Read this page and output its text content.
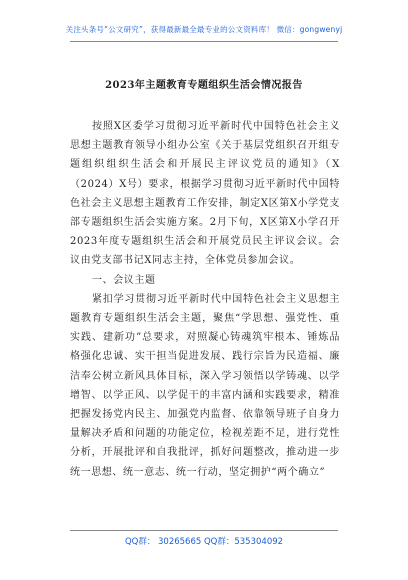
关注头条号“公文研究”，获得最新最全最专业的公文资料库！ 微信：gongwenyj
2023年主题教育专题组织生活会情况报告

按照X区委学习贯彻习近平新时代中国特色社会主义思想主题教育领导小组办公室《关于基层党组织召开组专题组织组织生活会和开展民主评议党员的通知》（X（2024）X号）要求，根据学习贯彻习近平新时代中国特色社会主义思想主题教育工作安排，制定X区第X小学党支部专题组织生活会实施方案。2月下旬，X区第X小学召开2023年度专题组织生活会和开展党员民主评议会议。会议由党支部书记X同志主持，全体党员参加会议。

一、会议主题

紧扣学习贯彻习近平新时代中国特色社会主义思想主题教育专题组织生活会主题，聚焦“学思想、强党性、重实践、建新功”总要求，对照凝心铸魂筑牢根本、锤炼品格强化忠诚、实干担当促进发展、践行宗旨为民造福、廉洁奉公树立新风具体目标，深入学习领悟以学铸魂、以学增智、以学正风、以学促干的丰富内涵和实践要求，精准把握发扬党内民主、加强党内监督、依靠领导班子自身力量解决矛盾和问题的功能定位，检视差距不足，进行党性分析，开展批评和自我批评，抓好问题整改，推动进一步统一思想、统一意志、统一行动，坚定拥护“两个确立”

QQ群： 30265665 QQ群：535304092
